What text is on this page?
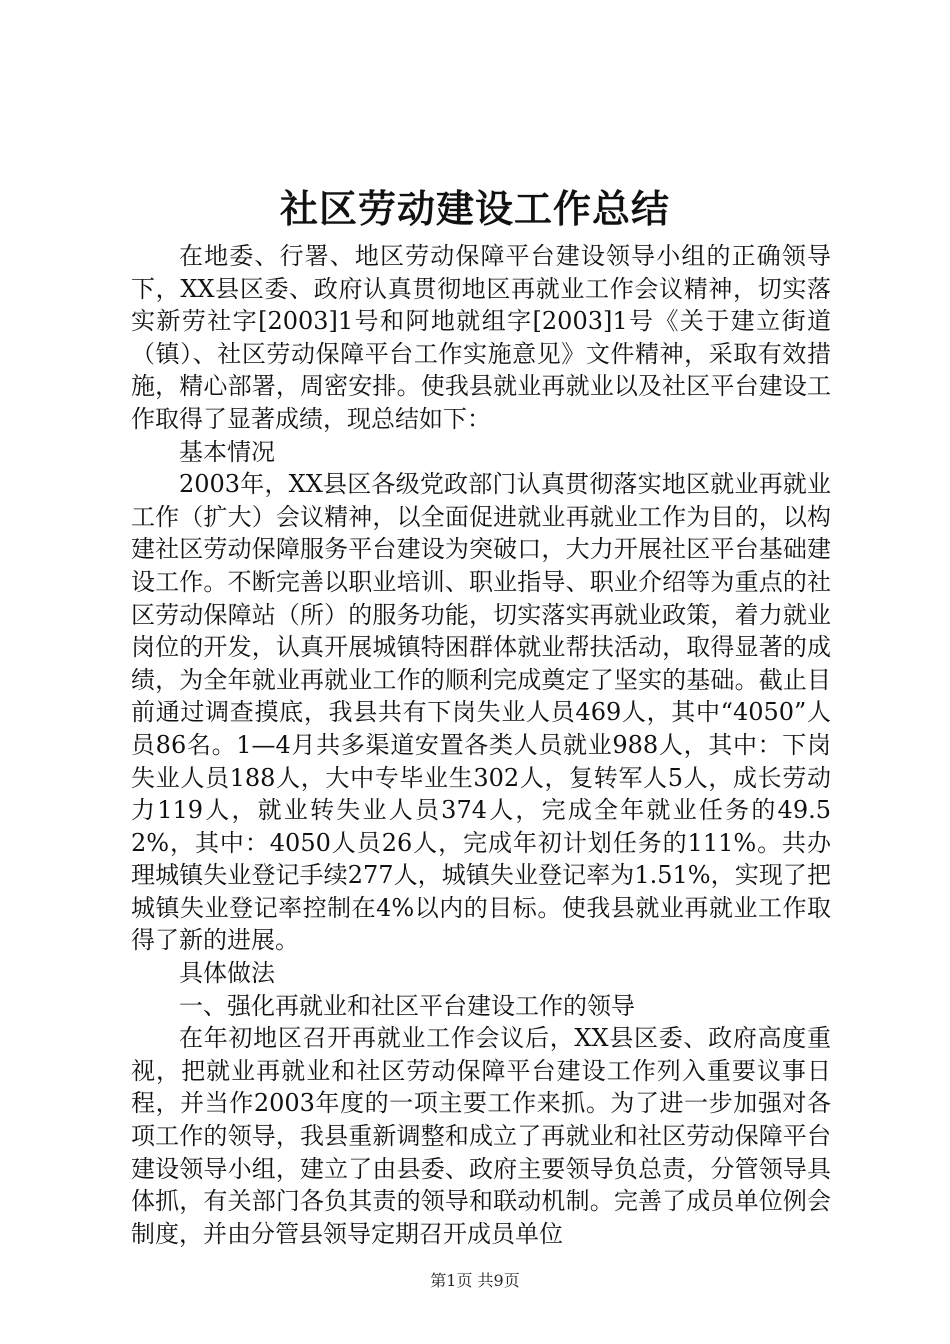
社区劳动建设工作总结

在地委、行署、地区劳动保障平台建设领导小组的正确领导下，XX县区委、政府认真贯彻地区再就业工作会议精神，切实落实新劳社字[2003]1号和阿地就组字[2003]1号《关于建立街道（镇）、社区劳动保障平台工作实施意见》文件精神，采取有效措施，精心部署，周密安排。使我县就业再就业以及社区平台建设工作取得了显著成绩，现总结如下：

基本情况

2003年，XX县区各级党政部门认真贯彻落实地区就业再就业工作（扩大）会议精神，以全面促进就业再就业工作为目的，以构建社区劳动保障服务平台建设为突破口，大力开展社区平台基础建设工作。不断完善以职业培训、职业指导、职业介绍等为重点的社区劳动保障站（所）的服务功能，切实落实再就业政策，着力就业岗位的开发，认真开展城镇特困群体就业帮扶活动，取得显著的成绩，为全年就业再就业工作的顺利完成奠定了坚实的基础。截止目前通过调查摸底，我县共有下岗失业人员469人，其中“4050”人员86名。1—4月共多渠道安置各类人员就业988人，其中：下岗失业人员188人，大中专毕业生302人，复转军人5人，成长劳动力119人，就业转失业人员374人，完成全年就业任务的49.52%，其中：4050人员26人，完成年初计划任务的111%。共办理城镇失业登记手续277人，城镇失业登记率为1.51%，实现了把城镇失业登记率控制在4%以内的目标。使我县就业再就业工作取得了新的进展。

具体做法

一、强化再就业和社区平台建设工作的领导

在年初地区召开再就业工作会议后，XX县区委、政府高度重视，把就业再就业和社区劳动保障平台建设工作列入重要议事日程，并当作2003年度的一项主要工作来抓。为了进一步加强对各项工作的领导，我县重新调整和成立了再就业和社区劳动保障平台建设领导小组，建立了由县委、政府主要领导负总责，分管领导具体抓，有关部门各负其责的领导和联动机制。完善了成员单位例会制度，并由分管县领导定期召开成员单位

第1页 共9页
